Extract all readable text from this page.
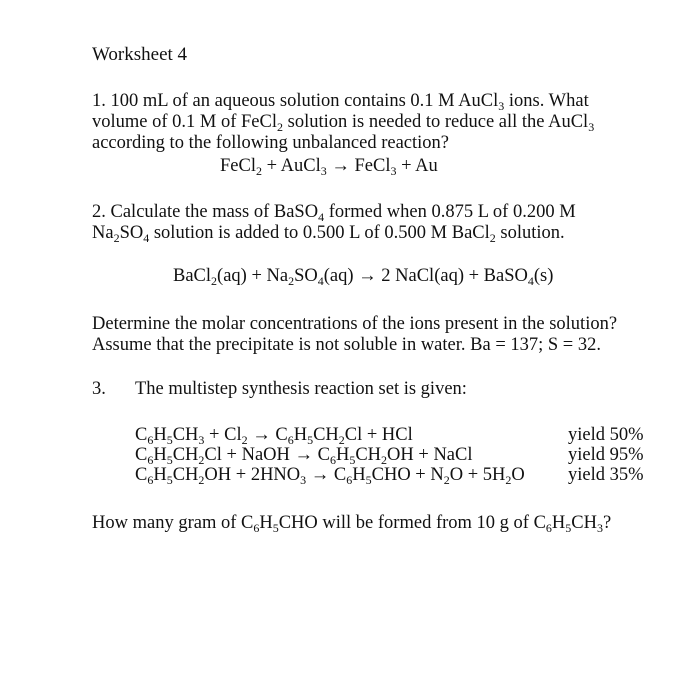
Worksheet 4
1. 100 mL of an aqueous solution contains 0.1 M AuCl$_3$ ions. What
volume of 0.1 M of FeCl$_2$ solution is needed to reduce all the AuCl$_3$
according to the following unbalanced reaction?
FeCl$_2$ + AuCl$_3$ → FeCl$_3$ + Au
2. Calculate the mass of BaSO$_4$ formed when 0.875 L of 0.200 M
$Na_2SO_4$ solution is added to 0.500 L of 0.500 M BaCl$_2$ solution.
BaCl$_2$(aq) + $Na_2SO_4(aq) \to 2$ NaCl(aq) + BaSO$_4$(s)
Determine the molar concentrations of the ions present in the solution?
Assume that the precipitate is not soluble in water. Ba = 137; S = 32.
3. The multistep synthesis reaction set is given:
$C_6H_5CH_3 + Cl_2 \to C_6H_5CH_2Cl$ + HCl	yield 50%
$C_6H_5CH_2Cl$ + NaOH → $C_6H_5CH_2OH$ + NaCl	yield 95%
$C_6H_5CH_2OH + 2HNO_3 \to C_6H_5CHO + N_2O + 5H_2O$ yield 35%
How many gram of $C_6H_5CHO$ will be formed from 10 g of $C_6H_5CH_3$?
